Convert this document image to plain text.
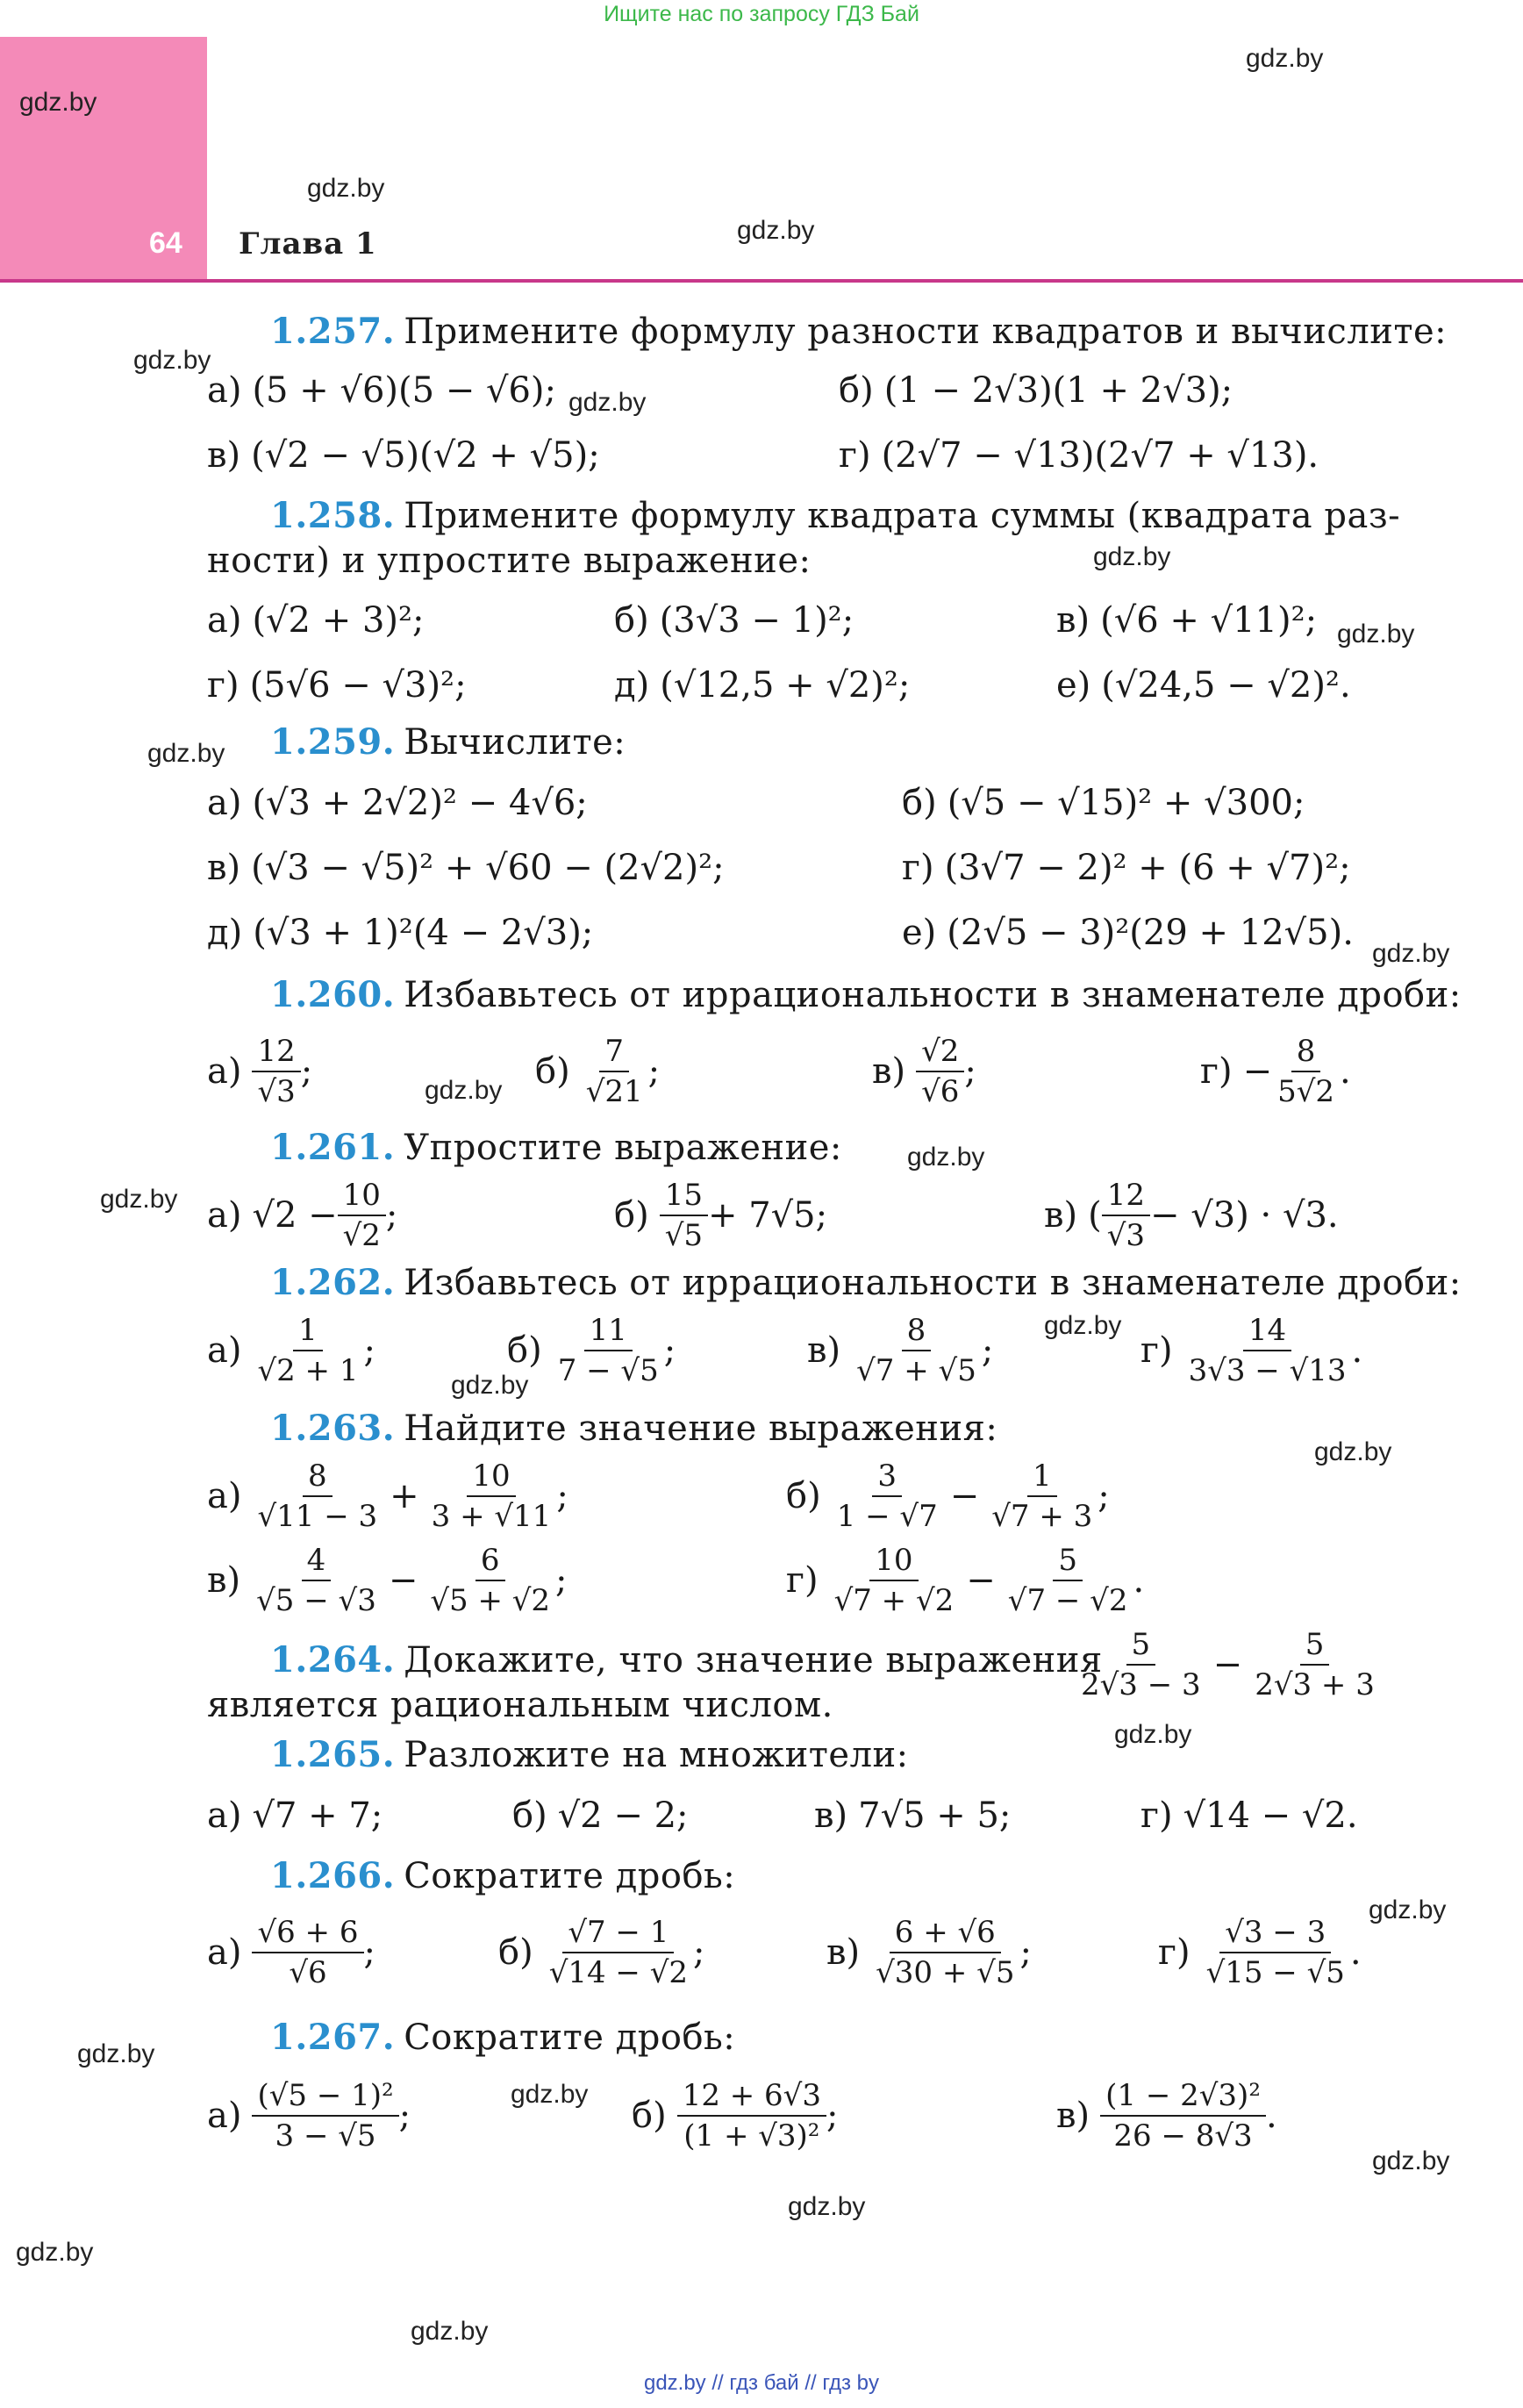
Ищите нас по запросу ГДЗ Бай
64 Глава 1
gdz.by
gdz.by
gdz.by
gdz.by
gdz.by
gdz.by
gdz.by
gdz.by
gdz.by
gdz.by
gdz.by
gdz.by
gdz.by
gdz.by
gdz.by
gdz.by
gdz.by
gdz.by
gdz.by
gdz.by
gdz.by
gdz.by
gdz.by
gdz.by
1.257. Применитe формулу разности квадратов и вычислите:
а) (5 + √6)(5 − √6);	б) (1 − 2√3)(1 + 2√3);
в) (√2 − √5)(√2 + √5);	г) (2√7 − √13)(2√7 + √13).
1.258. Примените формулу квадрата суммы (квадрата раз-
ности) и упростите выражение:
а) (√2 + 3)²;	б) (3√3 − 1)²;	в) (√6 + √11)²;
г) (5√6 − √3)²;	д) (√12,5 + √2)²;	е) (√24,5 − √2)².
1.259. Вычислите:
а) (√3 + 2√2)² − 4√6;	б) (√5 − √15)² + √300;
в) (√3 − √5)² + √60 − (2√2)²;	г) (3√7 − 2)² + (6 + √7)²;
д) (√3 + 1)²(4 − 2√3);	е) (2√5 − 3)²(29 + 12√5).
1.260. Избавьтесь от иррациональности в знаменателе дроби:
$а) \frac{12}{√3}$ ;	$б) \frac{7}{√21}$ ;	$в) \frac{√2}{√6}$ ;	$г) - \frac{8}{5√2}$ .
1.261. Упростите выражение:
а) $√2 - \frac{10}{√2}$ ;	$б) \frac{15}{√5} + 7√5$;	в) ( $\frac{12}{√3} - √3) \cdot √3$.
1.262. Избавьтесь от иррациональности в знаменателе дроби:
$а) \frac{1}{√2 + 1}$ ;	$б) \frac{11}{7 - √5}$ ;	$в) \frac{8}{√7 + √5}$ ;	$г) \frac{14}{3√3 - √13}$ .
1.263. Найдите значение выражения:
$а) \frac{8}{√11 - 3} + \frac{10}{3 + √11}$ ;	$б) \frac{3}{1 - √7} - \frac{1}{√7 + 3}$ ;
$в) \frac{4}{√5 - √3} - \frac{6}{√5 + √2}$ ;	$г) \frac{10}{√7 + √2} - \frac{5}{√7 - √2}$ .
1.264. Докажите, что значение выражения
$\frac{5}{2√3 - 3} - \frac{5}{2√3 + 3}$
является рациональным числом.
1.265. Разложите на множители:
а) √7 + 7;	б) √2 − 2;	в) 7√5 + 5;	г) √14 − √2.
1.266. Сократите дробь:
$а) \frac{√6 + 6}{√6}$ ;	$б) \frac{√7 - 1}{√14 - √2}$ ;	$в) \frac{6 + √6}{√30 + √5}$ ;	$г) \frac{√3 - 3}{√15 - √5}$ .
1.267. Сократите дробь:
$а) \frac{\text{(√5 − 1)²}}{3 - √5}$ ;	$б) \frac{12 + 6√3}{\text{(1 + √3)²}}$ ;	$в) \frac{\text{(1 − 2√3)²}}{26 - 8√3}$ .
gdz.by // гдз бай // гдз by
